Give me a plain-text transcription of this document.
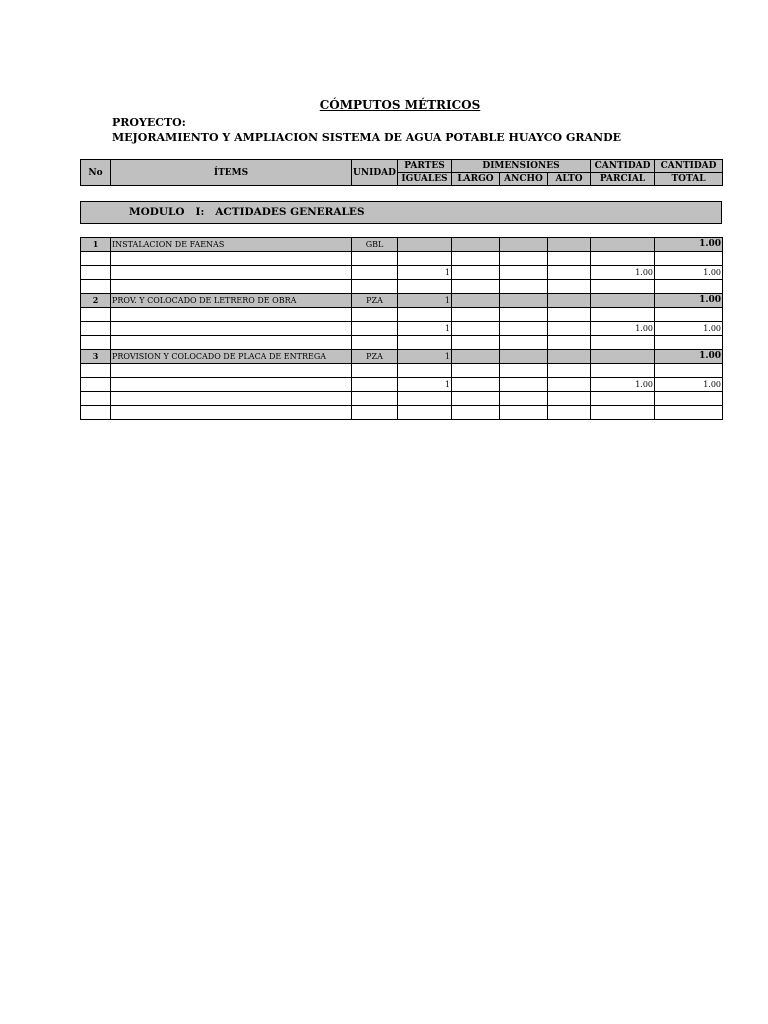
CÓMPUTOS MÉTRICOS
PROYECTO:
MEJORAMIENTO Y AMPLIACION SISTEMA DE AGUA POTABLE HUAYCO GRANDE
No	ÍTEMS	UNIDAD	PARTES	DIMENSIONES			CANTIDAD	CANTIDAD
			IGUALES	LARGO	ANCHO	ALTO	PARCIAL	TOTAL
MODULO   I:   ACTIDADES GENERALES
1	INSTALACION DE FAENAS	GBL						1.00

			1				1.00	1.00

2	PROV. Y COLOCADO DE LETRERO DE OBRA	PZA	1					1.00

			1				1.00	1.00

3	PROVISION Y COLOCADO DE PLACA DE ENTREGA	PZA	1					1.00

			1				1.00	1.00
